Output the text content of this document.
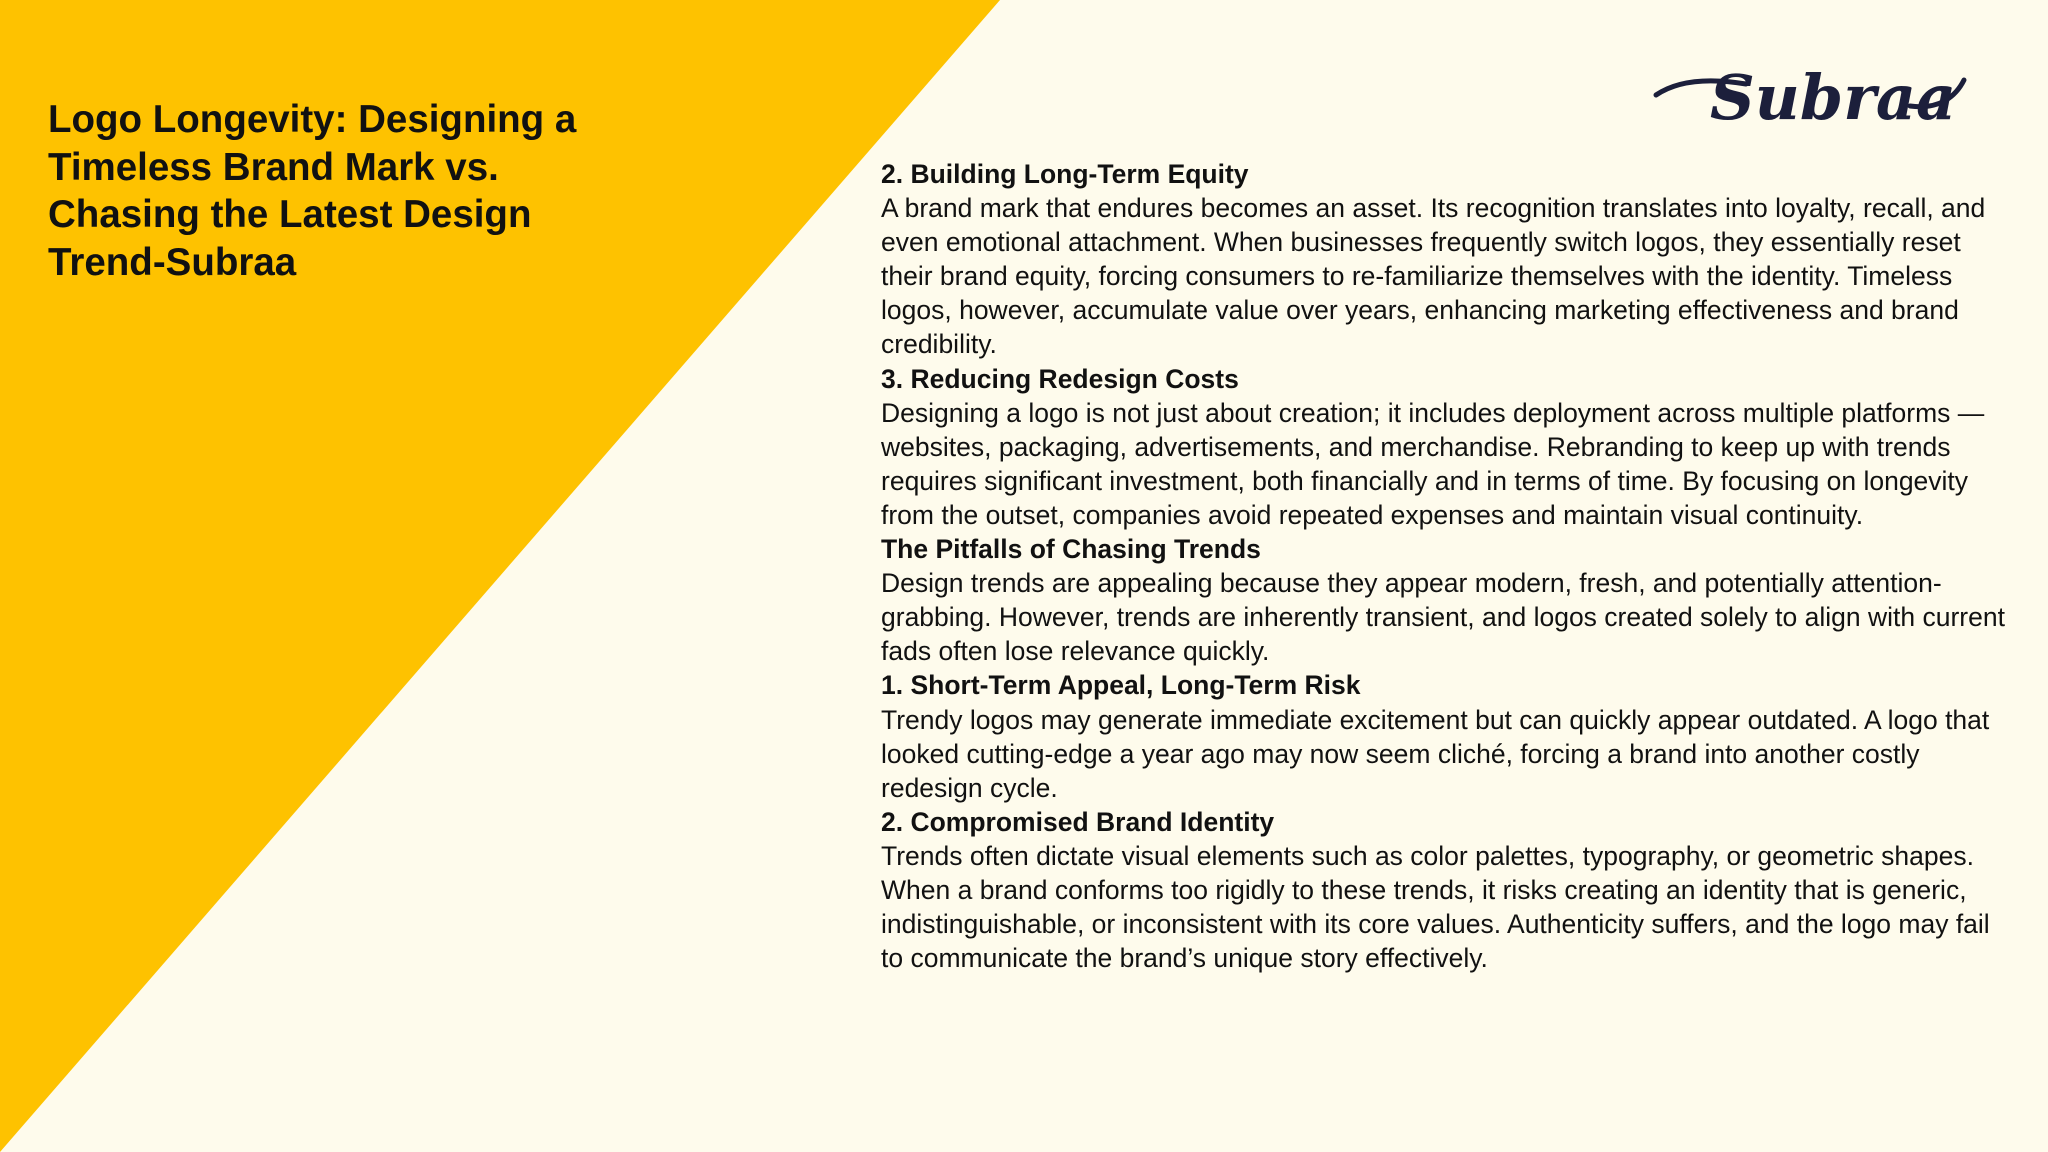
Logo Longevity: Designing a Timeless Brand Mark vs. Chasing the Latest Design Trend-Subraa
Subraa

2. Building Long-Term Equity

A brand mark that endures becomes an asset. Its recognition translates into loyalty, recall, and even emotional attachment. When businesses frequently switch logos, they essentially reset their brand equity, forcing consumers to re-familiarize themselves with the identity. Timeless logos, however, accumulate value over years, enhancing marketing effectiveness and brand credibility.

3. Reducing Redesign Costs

Designing a logo is not just about creation; it includes deployment across multiple platforms — websites, packaging, advertisements, and merchandise. Rebranding to keep up with trends requires significant investment, both financially and in terms of time. By focusing on longevity from the outset, companies avoid repeated expenses and maintain visual continuity.

The Pitfalls of Chasing Trends

Design trends are appealing because they appear modern, fresh, and potentially attention-grabbing. However, trends are inherently transient, and logos created solely to align with current fads often lose relevance quickly.

1. Short-Term Appeal, Long-Term Risk

Trendy logos may generate immediate excitement but can quickly appear outdated. A logo that looked cutting-edge a year ago may now seem cliché, forcing a brand into another costly redesign cycle.

2. Compromised Brand Identity

Trends often dictate visual elements such as color palettes, typography, or geometric shapes. When a brand conforms too rigidly to these trends, it risks creating an identity that is generic, indistinguishable, or inconsistent with its core values. Authenticity suffers, and the logo may fail to communicate the brand’s unique story effectively.
